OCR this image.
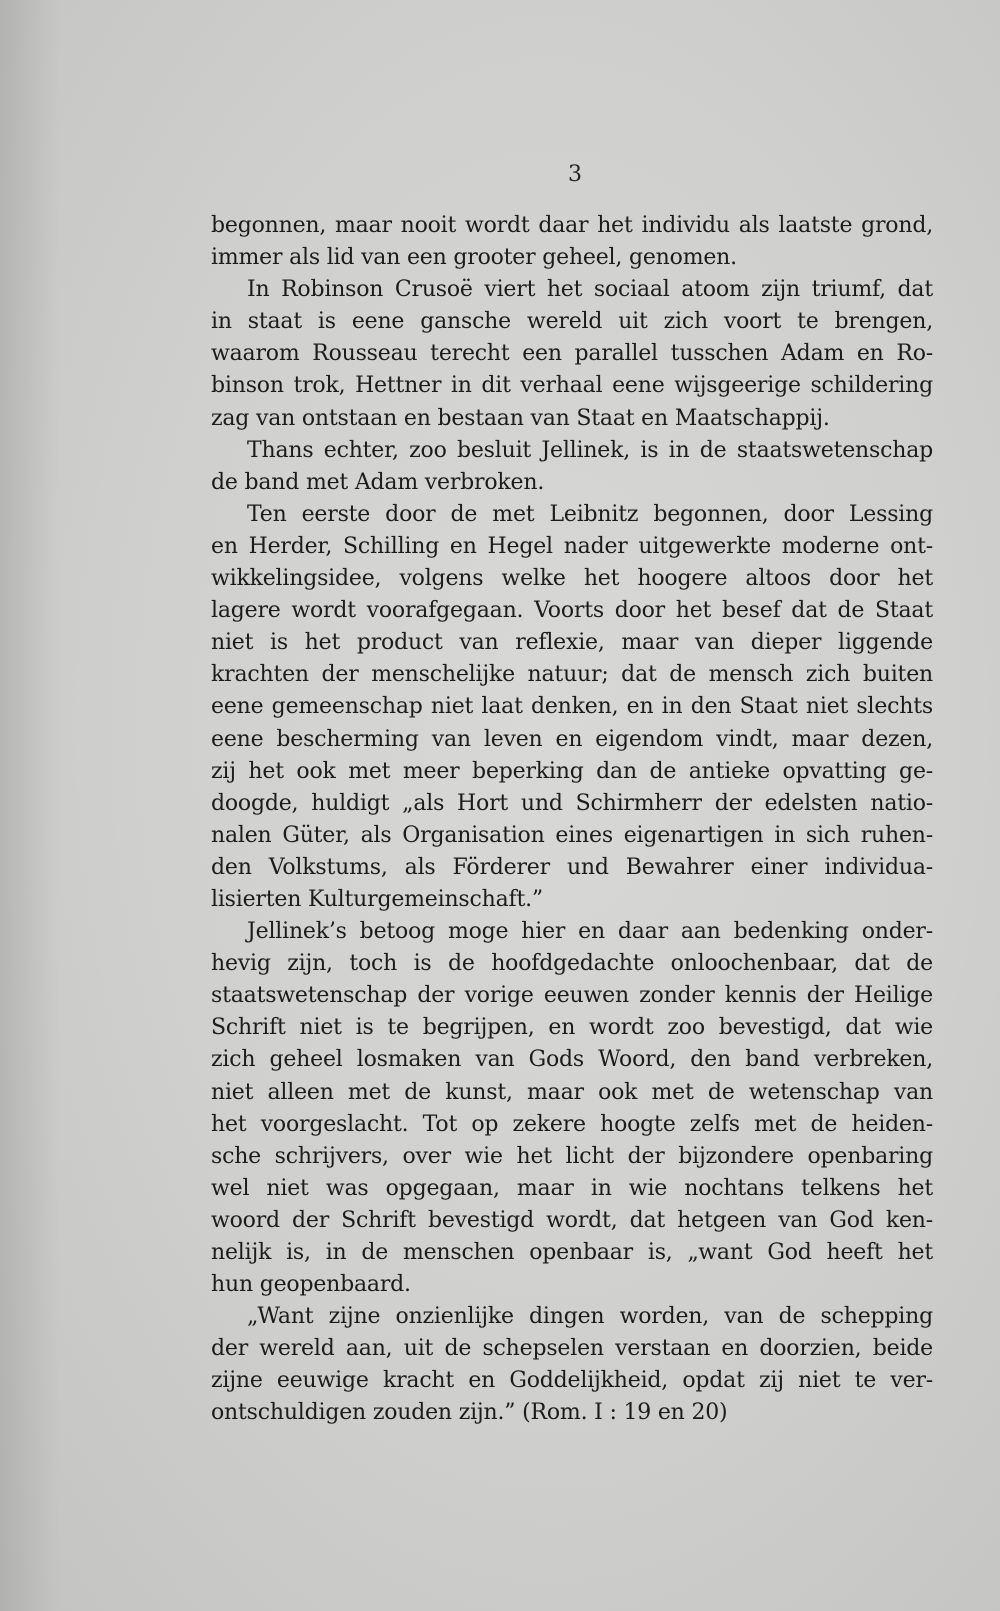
3
begonnen, maar nooit wordt daar het individu als laatste grond,
immer als lid van een grooter geheel, genomen.
In Robinson Crusoë viert het sociaal atoom zijn triumf, dat
in staat is eene gansche wereld uit zich voort te brengen,
waarom Rousseau terecht een parallel tusschen Adam en Ro-
binson trok, Hettner in dit verhaal eene wijsgeerige schildering
zag van ontstaan en bestaan van Staat en Maatschappij.
Thans echter, zoo besluit Jellinek, is in de staatswetenschap
de band met Adam verbroken.
Ten eerste door de met Leibnitz begonnen, door Lessing
en Herder, Schilling en Hegel nader uitgewerkte moderne ont-
wikkelingsidee, volgens welke het hoogere altoos door het
lagere wordt voorafgegaan. Voorts door het besef dat de Staat
niet is het product van reflexie, maar van dieper liggende
krachten der menschelijke natuur; dat de mensch zich buiten
eene gemeenschap niet laat denken, en in den Staat niet slechts
eene bescherming van leven en eigendom vindt, maar dezen,
zij het ook met meer beperking dan de antieke opvatting ge-
doogde, huldigt „als Hort und Schirmherr der edelsten natio-
nalen Güter, als Organisation eines eigenartigen in sich ruhen-
den Volkstums, als Förderer und Bewahrer einer individua-
lisierten Kulturgemeinschaft.”
Jellinek’s betoog moge hier en daar aan bedenking onder-
hevig zijn, toch is de hoofdgedachte onloochenbaar, dat de
staatswetenschap der vorige eeuwen zonder kennis der Heilige
Schrift niet is te begrijpen, en wordt zoo bevestigd, dat wie
zich geheel losmaken van Gods Woord, den band verbreken,
niet alleen met de kunst, maar ook met de wetenschap van
het voorgeslacht. Tot op zekere hoogte zelfs met de heiden-
sche schrijvers, over wie het licht der bijzondere openbaring
wel niet was opgegaan, maar in wie nochtans telkens het
woord der Schrift bevestigd wordt, dat hetgeen van God ken-
nelijk is, in de menschen openbaar is, „want God heeft het
hun geopenbaard.
„Want zijne onzienlijke dingen worden, van de schepping
der wereld aan, uit de schepselen verstaan en doorzien, beide
zijne eeuwige kracht en Goddelijkheid, opdat zij niet te ver-
ontschuldigen zouden zijn.” (Rom. I : 19 en 20)
